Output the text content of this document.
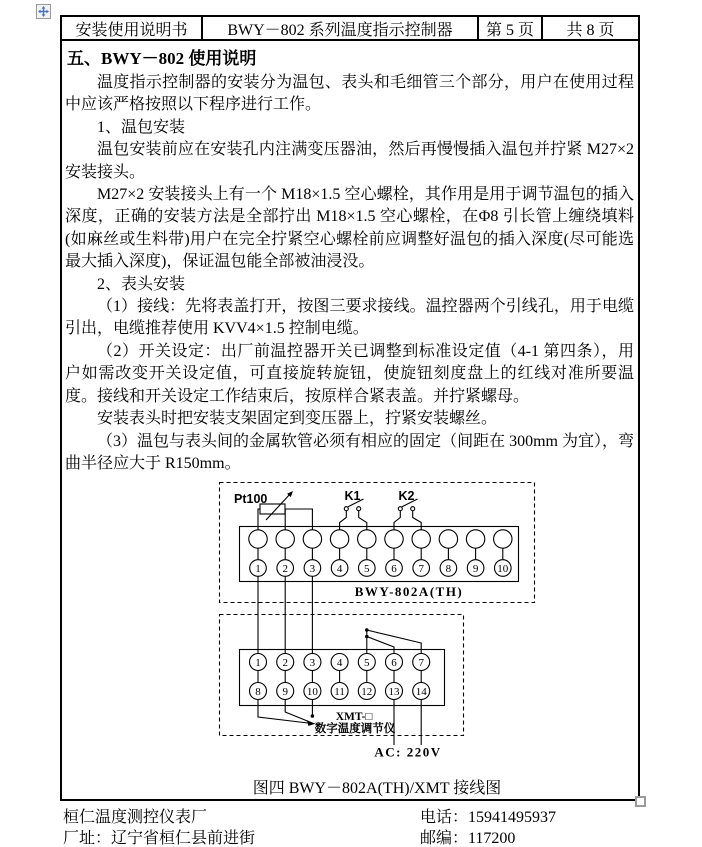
安装使用说明书	BWY－802 系列温度指示控制器	第 5 页	共 8 页
五、BWY－802 使用说明

温度指示控制器的安装分为温包、表头和毛细管三个部分，用户在使用过程中应该严格按照以下程序进行工作。

1、温包安装

温包安装前应在安装孔内注满变压器油，然后再慢慢插入温包并拧紧 M27×2 安装接头。

M27×2 安装接头上有一个 M18×1.5 空心螺栓，其作用是用于调节温包的插入深度，正确的安装方法是全部拧出 M18×1.5 空心螺栓，在Φ8 引长管上缠绕填料(如麻丝或生料带)用户在完全拧紧空心螺栓前应调整好温包的插入深度(尽可能选最大插入深度)，保证温包能全部被油浸没。

2、表头安装

（1）接线：先将表盖打开，按图三要求接线。温控器两个引线孔，用于电缆引出，电缆推荐使用 KVV4×1.5 控制电缆。

（2）开关设定：出厂前温控器开关已调整到标准设定值（4-1 第四条），用户如需改变开关设定值，可直接旋转旋钮，使旋钮刻度盘上的红线对准所要温度。接线和开关设定工作结束后，按原样合紧表盖。并拧紧螺母。

安装表头时把安装支架固定到变压器上，拧紧安装螺丝。

（3）温包与表头间的金属软管必须有相应的固定（间距在 300mm 为宜），弯曲半径应大于 R150mm。

Pt100	K1	K2
1 2 3 4 5 6 7 8 9 10
BWY-802A(TH)
1
8
2
9
3
10
4
11
5
12
6
13
7
14
XMT-□
数字温度调节仪
AC: 220V
图四 BWY－802A(TH)/XMT 接线图
桓仁温度测控仪表厂	电话：15941495937
厂址：辽宁省桓仁县前进街	邮编：117200
